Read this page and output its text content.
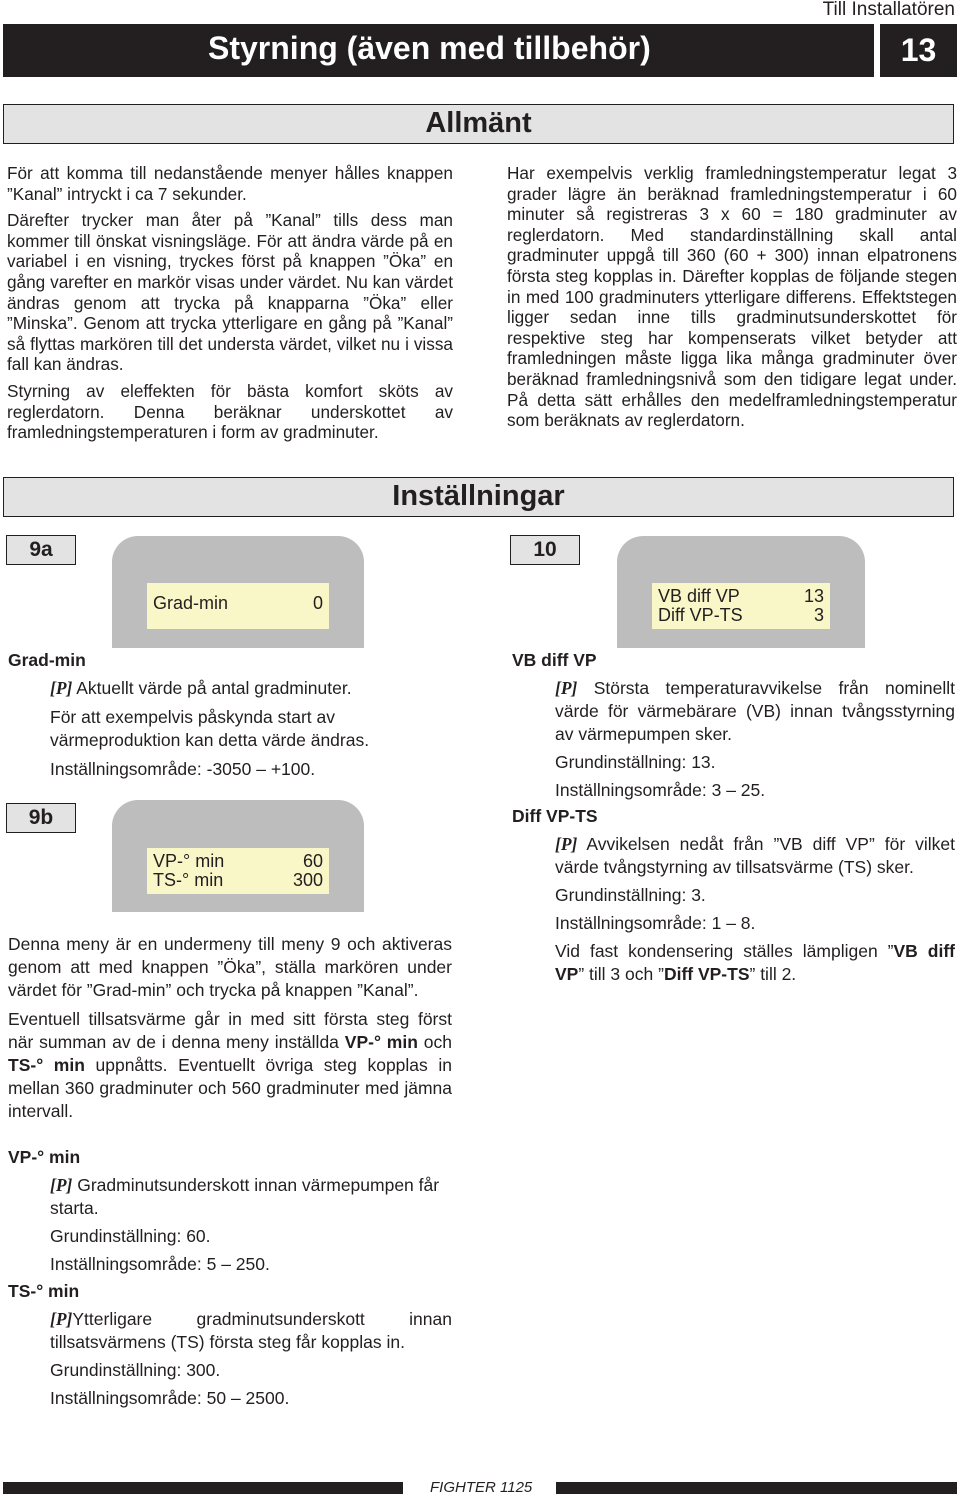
Till Installatören
Styrning (även med tillbehör)	13
Allmänt

För att komma till nedanstående menyer hålles knappen ”Kanal” intryckt i ca 7 sekunder.

Därefter trycker man åter på ”Kanal” tills dess man kommer till önskat visningsläge. För att ändra värde på en variabel i en visning, tryckes först på knappen ”Öka” en gång varefter en markör visas under värdet. Nu kan värdet ändras genom att trycka på knapparna ”Öka” eller ”Minska”. Genom att trycka ytterligare en gång på ”Kanal” så flyttas markören till det understa värdet, vilket nu i vissa fall kan ändras.

Styrning av eleffekten för bästa komfort sköts av reglerdatorn. Denna beräknar underskottet av framledningstemperaturen i form av gradminuter.

Har exempelvis verklig framledningstemperatur legat 3 grader lägre än beräknad framledningstemperatur i 60 minuter så registreras 3 x 60 = 180 gradminuter av reglerdatorn. Med standardinställning skall antal gradminuter uppgå till 360 (60 + 300) innan elpatronens första steg kopplas in. Därefter kopplas de följande stegen in med 100 gradminuters ytterligare differens. Effektstegen ligger sedan inne tills gradminutsunderskottet för respektive steg har kompenserats vilket betyder att framledningen måste ligga lika många gradminuter över beräknad framledningsnivå som den tidigare legat under. På detta sätt erhålles den medelframledningstemperatur som beräknats av reglerdatorn.

Inställningar
9a
Grad-min	0
Grad-min

[P] Aktuellt värde på antal gradminuter.

För att exempelvis påskynda start av värmeproduktion kan detta värde ändras.

Inställningsområde: -3050 – +100.

9b
VP-° min	60
TS-° min	300

Denna meny är en undermeny till meny 9 och aktiveras genom att med knappen ”Öka”, ställa markören under värdet för ”Grad-min” och trycka på knappen ”Kanal”.

Eventuell tillsatsvärme går in med sitt första steg först när summan av de i denna meny inställda VP-° min och TS-° min uppnåtts. Eventuellt övriga steg kopplas in mellan 360 gradminuter och 560 gradminuter med jämna intervall.

VP-° min

[P] Gradminutsunderskott innan värmepumpen får starta.

Grundinställning: 60.

Inställningsområde: 5 – 250.

TS-° min

[P]Ytterligare gradminutsunderskott innan tillsatsvärmens (TS) första steg får kopplas in.

Grundinställning: 300.

Inställningsområde: 50 – 2500.

10
VB diff VP	13
Diff VP-TS	3
VB diff VP

[P] Största temperaturavvikelse från nominellt värde för värmebärare (VB) innan tvångsstyrning av värmepumpen sker.

Grundinställning: 13.

Inställningsområde: 3 – 25.

Diff VP-TS

[P] Avvikelsen nedåt från ”VB diff VP” för vilket värde tvångstyrning av tillsatsvärme (TS) sker.

Grundinställning: 3.

Inställningsområde: 1 – 8.

Vid fast kondensering ställes lämpligen ”VB diff VP” till 3 och ”Diff VP-TS” till 2.

FIGHTER 1125
